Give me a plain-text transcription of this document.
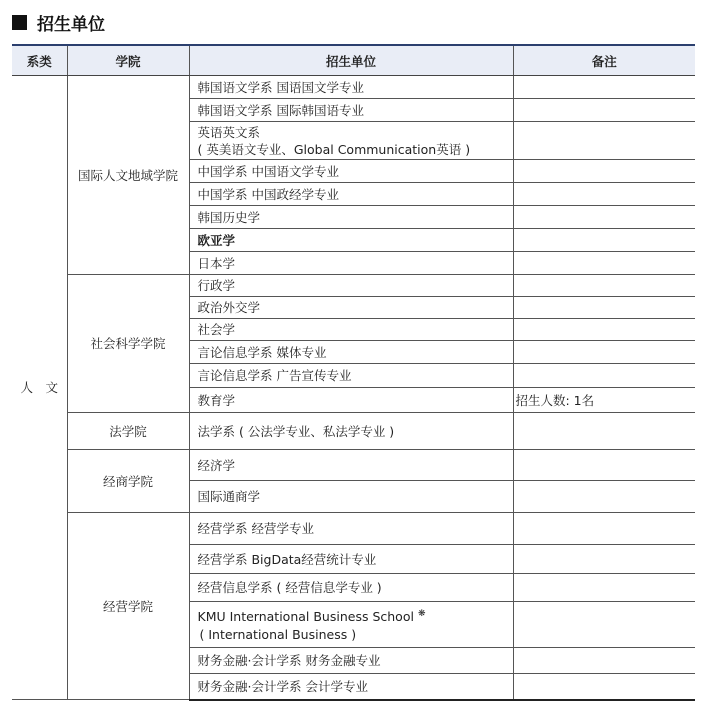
招生单位
系类	学院	招生单位	备注
人　文	国际人文地域学院	韩国语文学系 国语国文学专业	
		韩国语文学系 国际韩国语专业	

		英语英文系
( 英美语文专业、Global Communication英语 )	

		中国学系 中国语文学专业	
		中国学系 中国政经学专业	
		韩国历史学	
		欧亚学	
		日本学	
	社会科学学院	行政学	
		政治外交学	
		社会学	
		言论信息学系 媒体专业	
		言论信息学系 广告宣传专业	
		教育学	招生人数: 1名
	法学院	法学系 ( 公法学专业、私法学专业 )	
	经商学院	经济学	
		国际通商学	
	经营学院	经营学系 经营学专业	
		经营学系 BigData经营统计专业	
		经营信息学系 ( 经营信息学专业 )	

		KMU International Business School ❋
( International Business )	

		财务金融·会计学系 财务金融专业	
		财务金融·会计学系 会计学专业	
